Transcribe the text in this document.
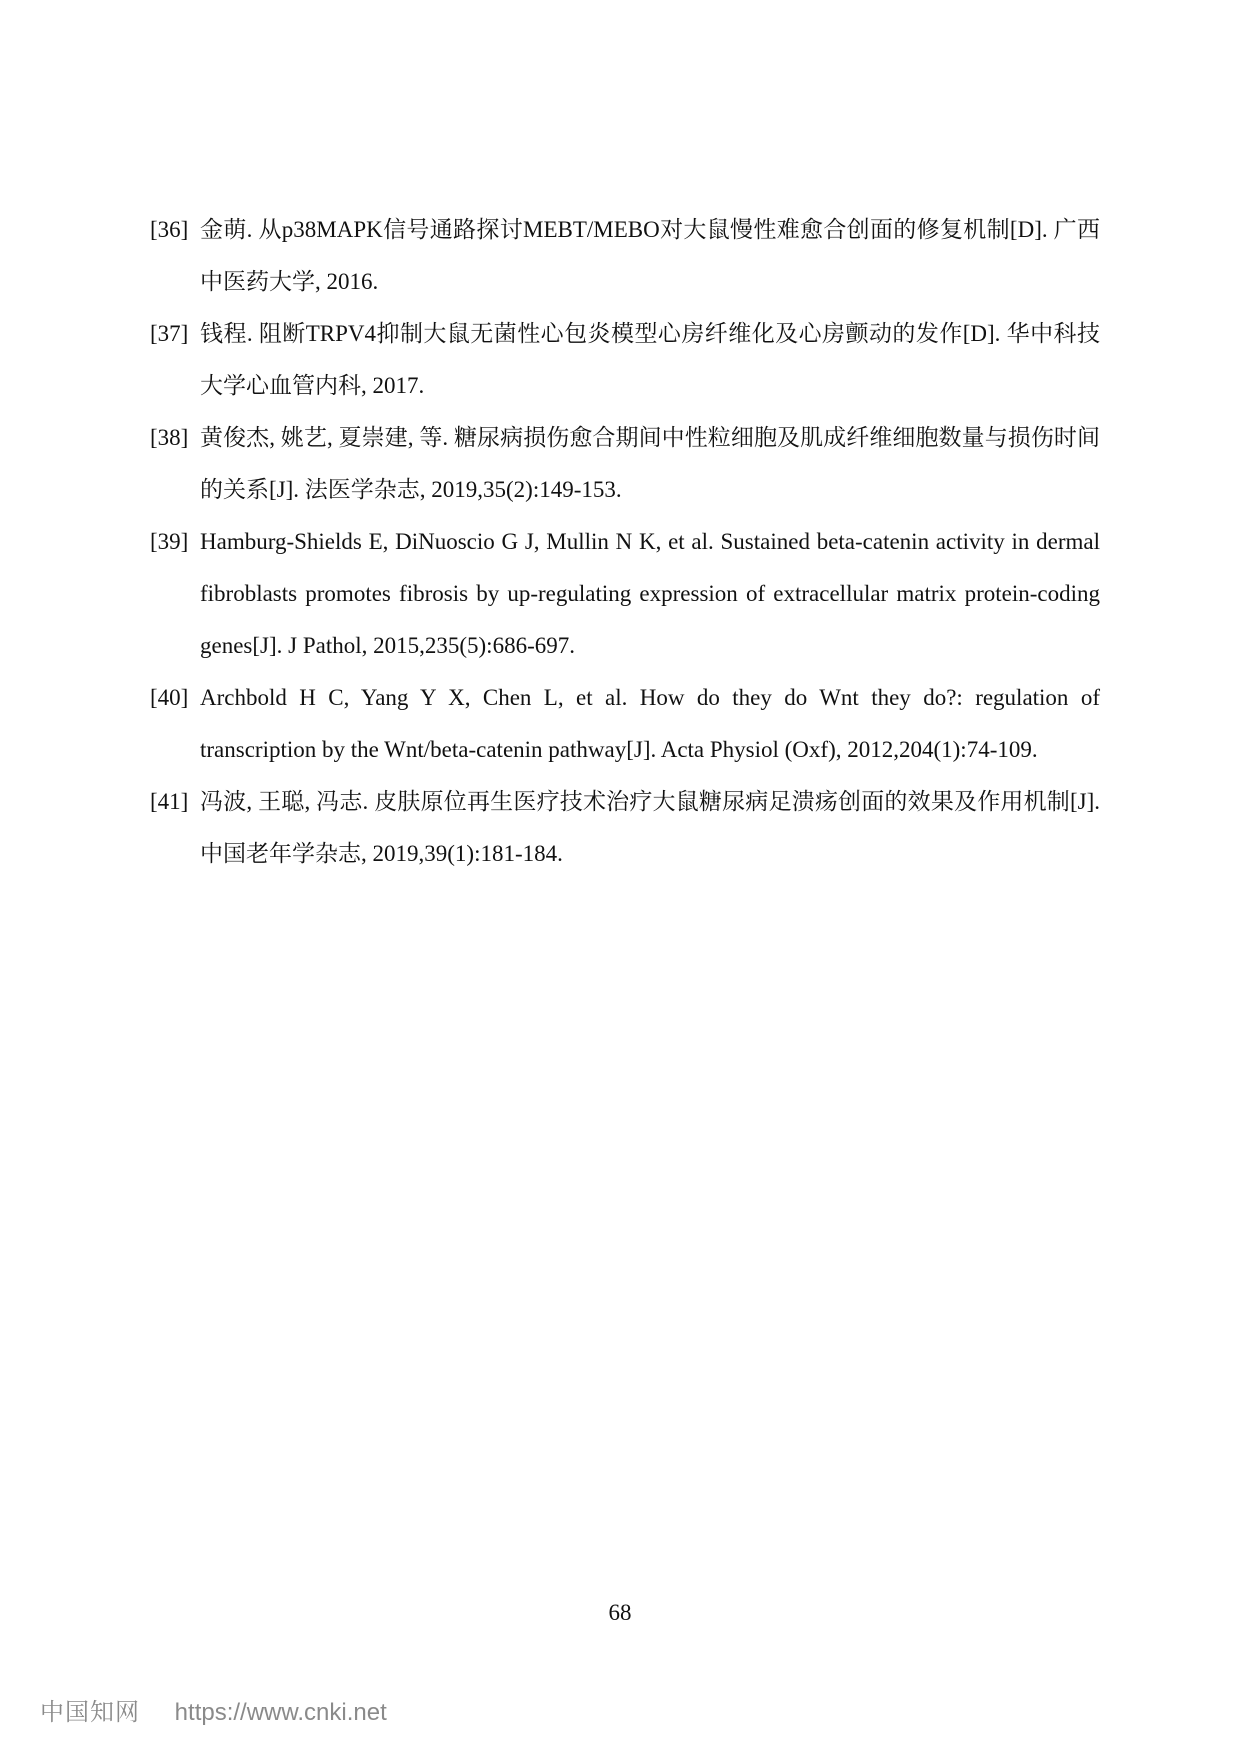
[36] 金萌. 从p38MAPK信号通路探讨MEBT/MEBO对大鼠慢性难愈合创面的修复机制[D]. 广西中医药大学, 2016.
[37] 钱程. 阻断TRPV4抑制大鼠无菌性心包炎模型心房纤维化及心房颤动的发作[D]. 华中科技大学心血管内科, 2017.
[38] 黄俊杰, 姚艺, 夏崇建, 等. 糖尿病损伤愈合期间中性粒细胞及肌成纤维细胞数量与损伤时间的关系[J]. 法医学杂志, 2019,35(2):149-153.
[39] Hamburg-Shields E, DiNuoscio G J, Mullin N K, et al. Sustained beta-catenin activity in dermal fibroblasts promotes fibrosis by up-regulating expression of extracellular matrix protein-coding genes[J]. J Pathol, 2015,235(5):686-697.
[40] Archbold H C, Yang Y X, Chen L, et al. How do they do Wnt they do?: regulation of transcription by the Wnt/beta-catenin pathway[J]. Acta Physiol (Oxf), 2012,204(1):74-109.
[41] 冯波, 王聪, 冯志. 皮肤原位再生医疗技术治疗大鼠糖尿病足溃疡创面的效果及作用机制[J]. 中国老年学杂志, 2019,39(1):181-184.
68
中国知网 https://www.cnki.net
